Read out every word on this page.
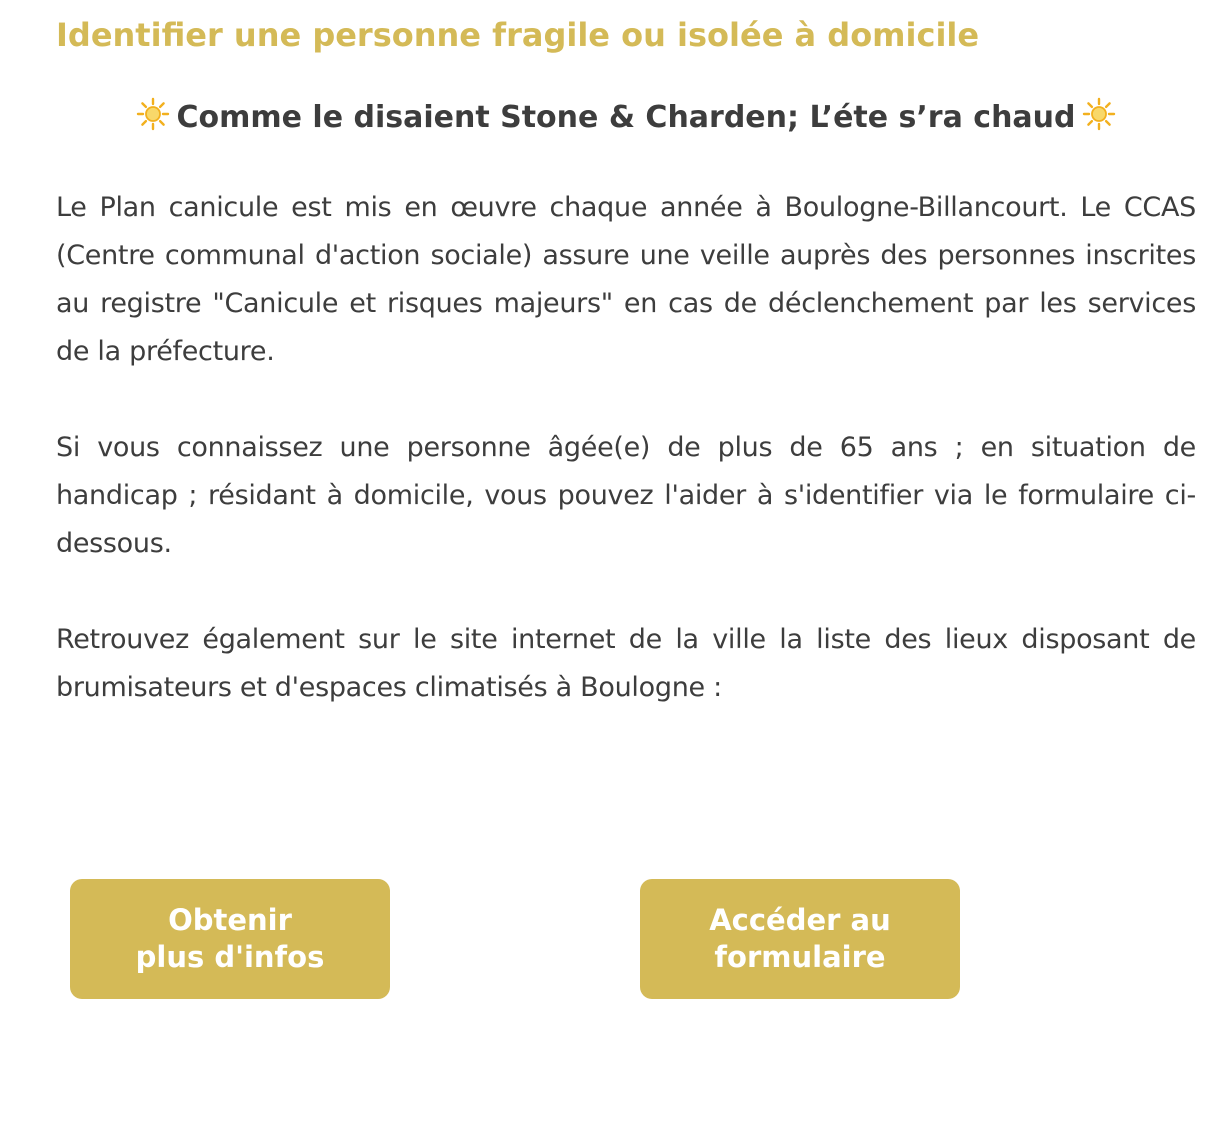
Identifier une personne fragile ou isolée à domicile
Comme le disaient Stone & Charden; L’éte s’ra chaud

Le Plan canicule est mis en œuvre chaque année à Boulogne-Billancourt. Le CCAS (Centre communal d'action sociale) assure une veille auprès des personnes inscrites au registre "Canicule et risques majeurs" en cas de déclenchement par les services de la préfecture.

Si vous connaissez une personne âgée(e) de plus de 65 ans ; en situation de handicap ; résidant à domicile, vous pouvez l'aider à s'identifier via le formulaire ci-dessous.

Retrouvez également sur le site internet de la ville la liste des lieux disposant de brumisateurs et d'espaces climatisés à Boulogne :

Obtenir
plus d'infos
Accéder au
formulaire
